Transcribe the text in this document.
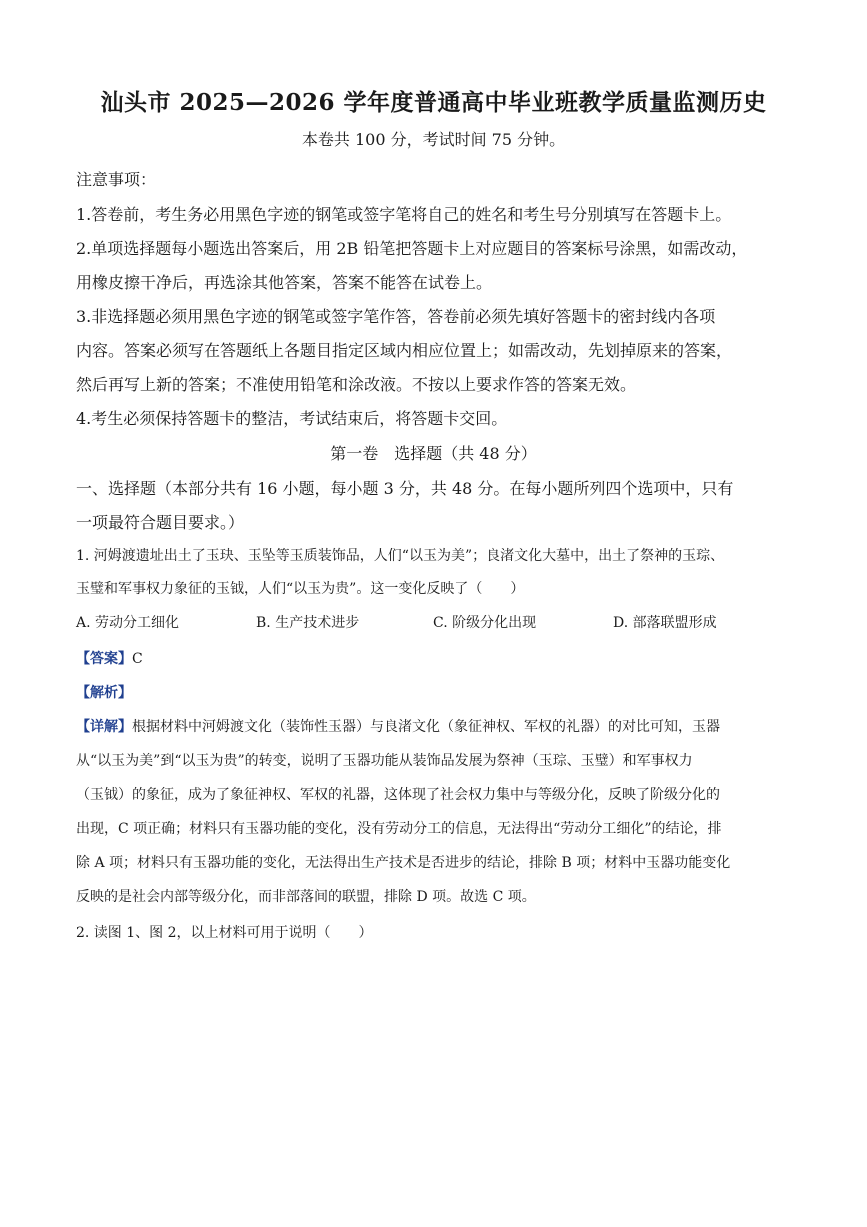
汕头市 2025—2026 学年度普通高中毕业班教学质量监测历史
本卷共 100 分，考试时间 75 分钟。
注意事项：
1.答卷前，考生务必用黑色字迹的钢笔或签字笔将自己的姓名和考生号分别填写在答题卡上。
2.单项选择题每小题选出答案后，用 2B 铅笔把答题卡上对应题目的答案标号涂黑，如需改动，
用橡皮擦干净后，再选涂其他答案，答案不能答在试卷上。
3.非选择题必须用黑色字迹的钢笔或签字笔作答，答卷前必须先填好答题卡的密封线内各项
内容。答案必须写在答题纸上各题目指定区域内相应位置上；如需改动，先划掉原来的答案，
然后再写上新的答案；不准使用铅笔和涂改液。不按以上要求作答的答案无效。
4.考生必须保持答题卡的整洁，考试结束后，将答题卡交回。
第一卷　选择题（共 48 分）
一、选择题（本部分共有 16 小题，每小题 3 分，共 48 分。在每小题所列四个选项中，只有
一项最符合题目要求。）
1. 河姆渡遗址出土了玉玦、玉坠等玉质装饰品，人们“以玉为美”；良渚文化大墓中，出土了祭神的玉琮、
玉璧和军事权力象征的玉钺，人们“以玉为贵”。这一变化反映了（　　）
A. 劳动分工细化	B. 生产技术进步	C. 阶级分化出现	D. 部落联盟形成
【答案】C
【解析】
【详解】根据材料中河姆渡文化（装饰性玉器）与良渚文化（象征神权、军权的礼器）的对比可知，玉器
从“以玉为美”到“以玉为贵”的转变，说明了玉器功能从装饰品发展为祭神（玉琮、玉璧）和军事权力
（玉钺）的象征，成为了象征神权、军权的礼器，这体现了社会权力集中与等级分化，反映了阶级分化的
出现，C 项正确；材料只有玉器功能的变化，没有劳动分工的信息，无法得出“劳动分工细化”的结论，排
除 A 项；材料只有玉器功能的变化，无法得出生产技术是否进步的结论，排除 B 项；材料中玉器功能变化
反映的是社会内部等级分化，而非部落间的联盟，排除 D 项。故选 C 项。
2. 读图 1、图 2，以上材料可用于说明（　　）
